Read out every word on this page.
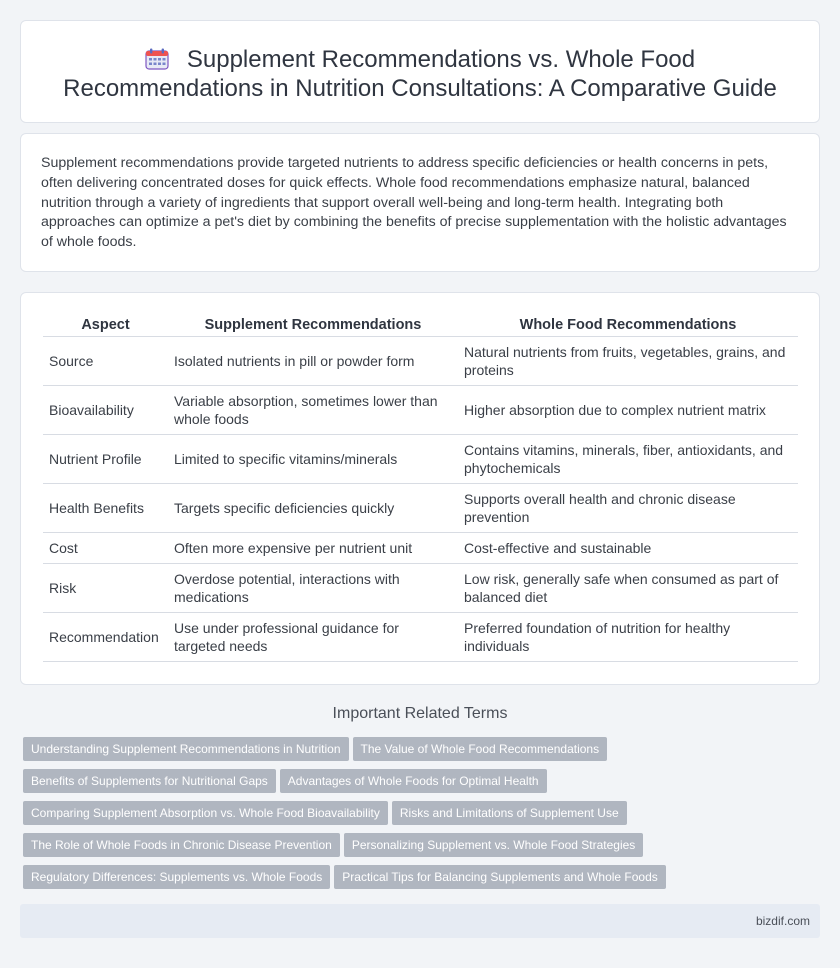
Supplement Recommendations vs. Whole Food Recommendations in Nutrition Consultations: A Comparative Guide

Supplement recommendations provide targeted nutrients to address specific deficiencies or health concerns in pets, often delivering concentrated doses for quick effects. Whole food recommendations emphasize natural, balanced nutrition through a variety of ingredients that support overall well-being and long-term health. Integrating both approaches can optimize a pet's diet by combining the benefits of precise supplementation with the holistic advantages of whole foods.

Aspect	Supplement Recommendations	Whole Food Recommendations
Source	Isolated nutrients in pill or powder form	Natural nutrients from fruits, vegetables, grains, and proteins
Bioavailability	Variable absorption, sometimes lower than whole foods	Higher absorption due to complex nutrient matrix
Nutrient Profile	Limited to specific vitamins/minerals	Contains vitamins, minerals, fiber, antioxidants, and phytochemicals
Health Benefits	Targets specific deficiencies quickly	Supports overall health and chronic disease prevention
Cost	Often more expensive per nutrient unit	Cost-effective and sustainable
Risk	Overdose potential, interactions with medications	Low risk, generally safe when consumed as part of balanced diet
Recommendation	Use under professional guidance for targeted needs	Preferred foundation of nutrition for healthy individuals
Important Related Terms
Understanding Supplement Recommendations in Nutrition The Value of Whole Food Recommendations
Benefits of Supplements for Nutritional Gaps Advantages of Whole Foods for Optimal Health
Comparing Supplement Absorption vs. Whole Food Bioavailability Risks and Limitations of Supplement Use
The Role of Whole Foods in Chronic Disease Prevention Personalizing Supplement vs. Whole Food Strategies
Regulatory Differences: Supplements vs. Whole Foods Practical Tips for Balancing Supplements and Whole Foods
bizdif.com
